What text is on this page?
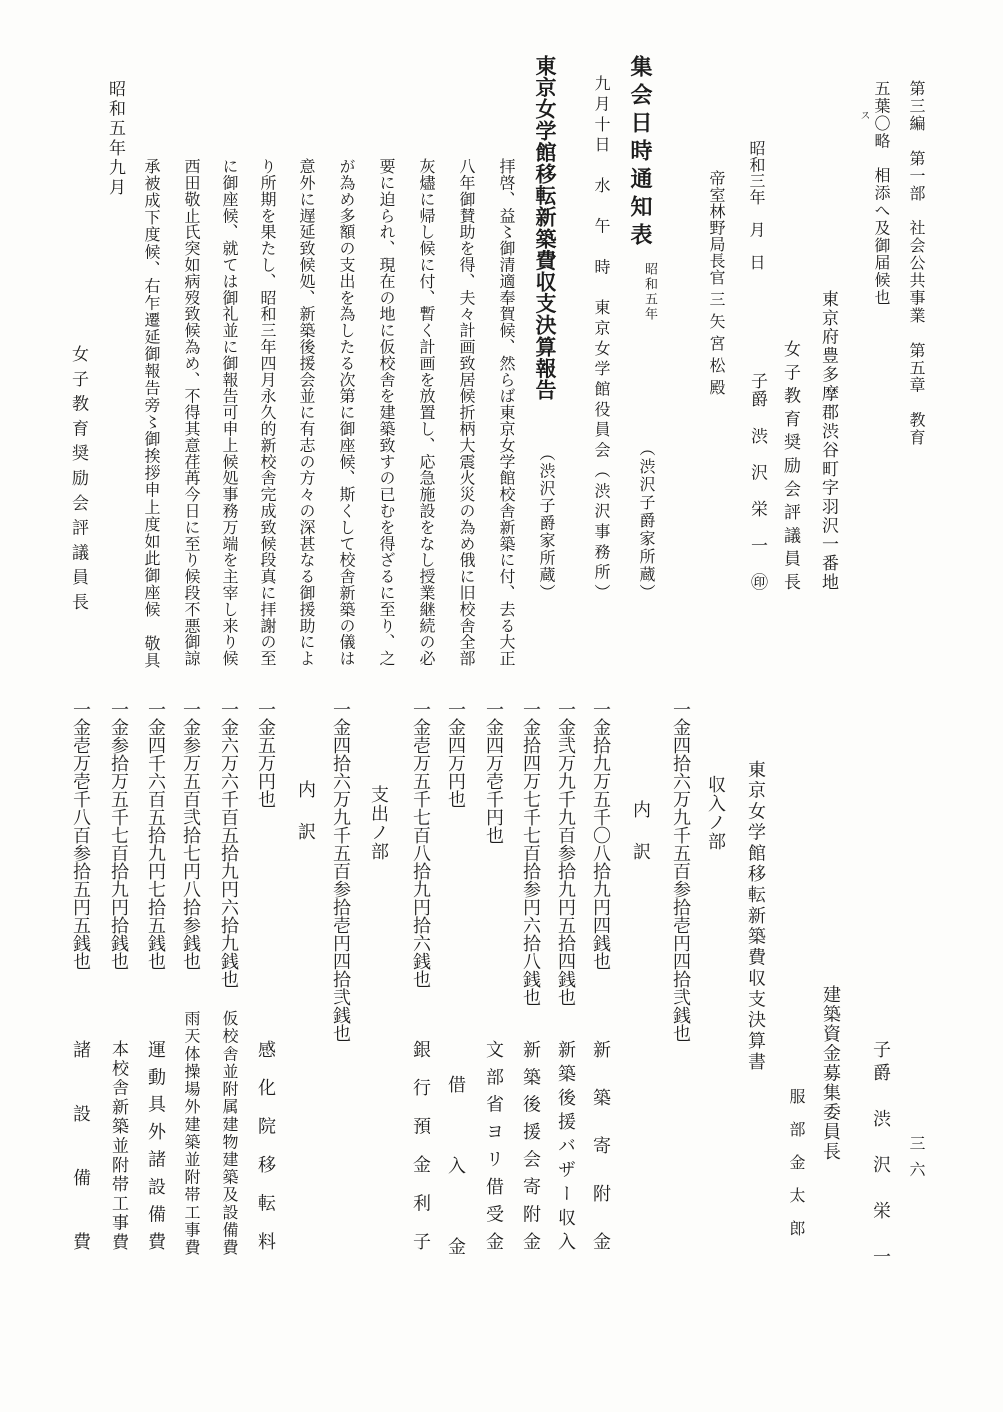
第三編　第一部　社会公共事業　第五章　教育
五葉〇略　相添へ及御届候也
ス
東京府豊多摩郡渋谷町字羽沢一番地
女子教育奨励会評議員長
昭和三年　月　日
子爵　渋　沢　栄　一　㊞
帝室林野局長官 三 矢 宮 松 殿
集会日時通知表
昭和五年
（渋沢子爵家所蔵）
九月十日　水　午　時　東京女学館役員会（渋沢事務所）
東京女学館移転新築費収支決算報告
（渋沢子爵家所蔵）
拝啓、益〻御清適奉賀候、然らば東京女学館校舎新築に付、去る大正
八年御賛助を得、夫々計画致居候折柄大震火災の為め俄に旧校舎全部
灰燼に帰し候に付、暫く計画を放置し、応急施設をなし授業継続の必
要に迫られ、現在の地に仮校舎を建築致すの已むを得ざるに至り、之
が為め多額の支出を為したる次第に御座候、斯くして校舎新築の儀は
意外に遅延致候処、新築後援会並に有志の方々の深甚なる御援助によ
り所期を果たし、昭和三年四月永久的新校舎完成致候段真に拝謝の至
に御座候、就ては御礼並に御報告可申上候処事務万端を主宰し来り候
西田敬止氏突如病歿致候為め、不得其意荏苒今日に至り候段不悪御諒
承被成下度候、右乍遷延御報告旁〻御挨拶申上度如此御座候　敬具
昭和五年九月
女子教育奨励会評議員長
三六
子爵　渋　沢　栄　一
建築資金募集委員長
服　部　金　太　郎
東京女学館移転新築費収支決算書
収入ノ部
一金四拾六万九千五百参拾壱円四拾弐銭也
内　訳
一金拾九万五千〇八拾九円四銭也
新 築 寄 附 金
一金弐万九千九百参拾九円五拾四銭也
新築後援バザー収入
一金拾四万七千七百拾参円六拾八銭也
新 築 後 援 会 寄 附 金
一金四万壱千円也
文 部 省 ヨ リ 借 受 金
一金四万円也
借 入 金
一金壱万五千七百八拾九円拾六銭也
銀 行 預 金 利 子
支出ノ部
一金四拾六万九千五百参拾壱円四拾弐銭也
内　訳
一金五万円也
感 化 院 移 転 料
一金六万六千百五拾九円六拾九銭也
仮校舎並附属建物建築及設備費
一金参万五百弐拾七円八拾参銭也
雨天体操場外建築並附帯工事費
一金四千六百五拾九円七拾五銭也
運 動 具 外 諸 設 備 費
一金参拾万五千七百拾九円拾銭也
本校舎新築並附帯工事費
一金壱万壱千八百参拾五円五銭也
諸 設 備 費
